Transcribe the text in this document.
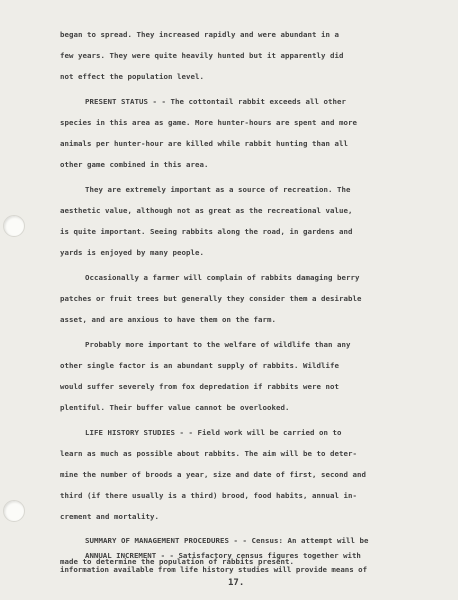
began to spread. They increased rapidly and were abundant in a
few years. They were quite heavily hunted but it apparently did
not effect the population level.
PRESENT STATUS - - The cottontail rabbit exceeds all other
species in this area as game. More hunter-hours are spent and more
animals per hunter-hour are killed while rabbit hunting than all
other game combined in this area.
They are extremely important as a source of recreation. The
aesthetic value, although not as great as the recreational value,
is quite important. Seeing rabbits along the road, in gardens and
yards is enjoyed by many people.
Occasionally a farmer will complain of rabbits damaging berry
patches or fruit trees but generally they consider them a desirable
asset, and are anxious to have them on the farm.
Probably more important to the welfare of wildlife than any
other single factor is an abundant supply of rabbits. Wildlife
would suffer severely from fox depredation if rabbits were not
plentiful. Their buffer value cannot be overlooked.
LIFE HISTORY STUDIES - - Field work will be carried on to
learn as much as possible about rabbits. The aim will be to deter-
mine the number of broods a year, size and date of first, second and
third (if there usually is a third) brood, food habits, annual in-
crement and mortality.
SUMMARY OF MANAGEMENT PROCEDURES - - Census: An attempt will be
made to determine the population of rabbits present.
ANNUAL INCREMENT - - Satisfactory census figures together with
information available from life history studies will provide means of
17.
